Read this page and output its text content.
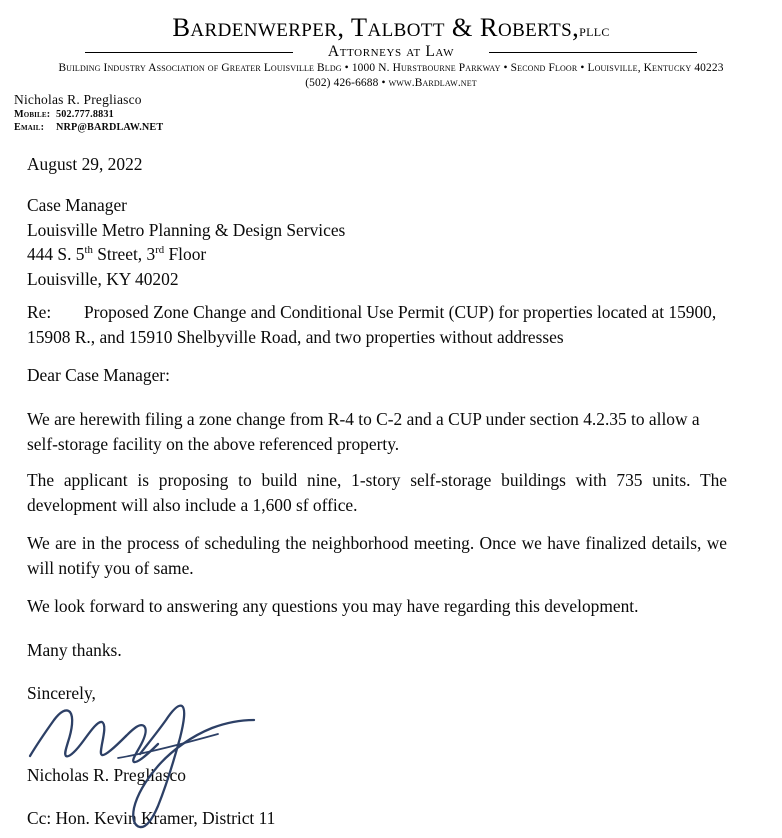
Bardenwerper, Talbott & Roberts,pllc
Attorneys at Law

Building Industry Association of Greater Louisville Bldg • 1000 N. Hurstbourne Parkway • Second Floor • Louisville, Kentucky 40223

(502) 426-6688 • www.Bardlaw.net

Nicholas R. Pregliasco
Mobile: 502.777.8831
Email: NRP@BARDLAW.NET
August 29, 2022

Case Manager

Louisville Metro Planning & Design Services

444 S. 5th Street, 3rd Floor

Louisville, KY 40202

Re: Proposed Zone Change and Conditional Use Permit (CUP) for properties located at 15900, 15908 R., and 15910 Shelbyville Road, and two properties without addresses
Dear Case Manager:
We are herewith filing a zone change from R-4 to C-2 and a CUP under section 4.2.35 to allow a self-storage facility on the above referenced property.
The applicant is proposing to build nine, 1-story self-storage buildings with 735 units. The development will also include a 1,600 sf office.
We are in the process of scheduling the neighborhood meeting. Once we have finalized details, we will notify you of same.
We look forward to answering any questions you may have regarding this development.
Many thanks.
Sincerely,
Nicholas R. Pregliasco
Cc: Hon. Kevin Kramer, District 11
